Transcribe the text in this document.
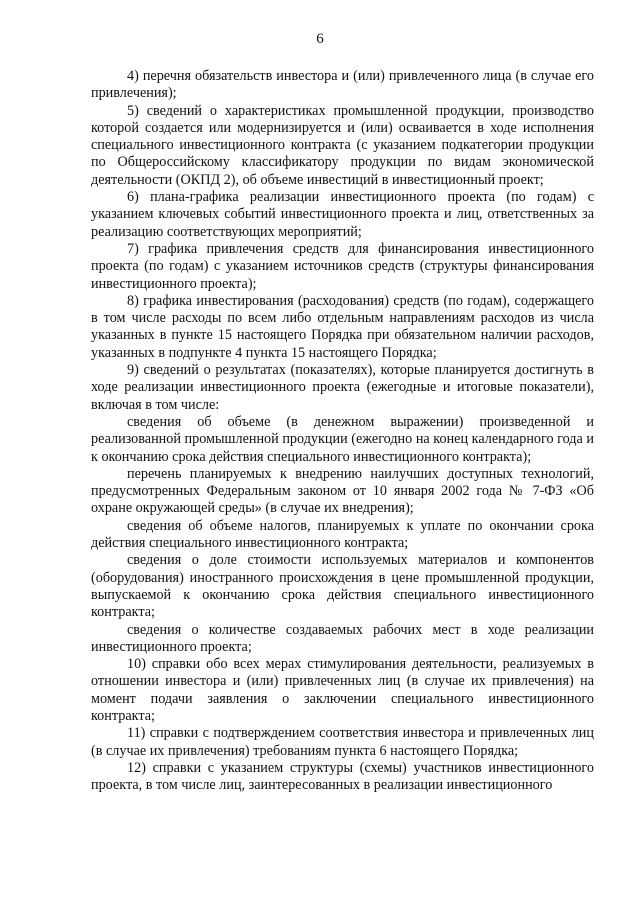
6

4) перечня обязательств инвестора и (или) привлеченного лица (в случае его привлечения);

5) сведений о характеристиках промышленной продукции, производство которой создается или модернизируется и (или) осваивается в ходе исполнения специального инвестиционного контракта (с указанием подкатегории продукции по Общероссийскому классификатору продукции по видам экономической деятельности (ОКПД 2), об объеме инвестиций в инвестиционный проект;

6) плана-графика реализации инвестиционного проекта (по годам) с указанием ключевых событий инвестиционного проекта и лиц, ответственных за реализацию соответствующих мероприятий;

7) графика привлечения средств для финансирования инвестиционного проекта (по годам) с указанием источников средств (структуры финансирования инвестиционного проекта);

8) графика инвестирования (расходования) средств (по годам), содержащего в том числе расходы по всем либо отдельным направлениям расходов из числа указанных в пункте 15 настоящего Порядка при обязательном наличии расходов, указанных в подпункте 4 пункта 15 настоящего Порядка;

9) сведений о результатах (показателях), которые планируется достигнуть в ходе реализации инвестиционного проекта (ежегодные и итоговые показатели), включая в том числе:

сведения об объеме (в денежном выражении) произведенной и реализованной промышленной продукции (ежегодно на конец календарного года и к окончанию срока действия специального инвестиционного контракта);

перечень планируемых к внедрению наилучших доступных технологий, предусмотренных Федеральным законом от 10 января 2002 года № 7-ФЗ «Об охране окружающей среды» (в случае их внедрения);

сведения об объеме налогов, планируемых к уплате по окончании срока действия специального инвестиционного контракта;

сведения о доле стоимости используемых материалов и компонентов (оборудования) иностранного происхождения в цене промышленной продукции, выпускаемой к окончанию срока действия специального инвестиционного контракта;

сведения о количестве создаваемых рабочих мест в ходе реализации инвестиционного проекта;

10) справки обо всех мерах стимулирования деятельности, реализуемых в отношении инвестора и (или) привлеченных лиц (в случае их привлечения) на момент подачи заявления о заключении специального инвестиционного контракта;

11) справки с подтверждением соответствия инвестора и привлеченных лиц (в случае их привлечения) требованиям пункта 6 настоящего Порядка;

12) справки с указанием структуры (схемы) участников инвестиционного проекта, в том числе лиц, заинтересованных в реализации инвестиционного
